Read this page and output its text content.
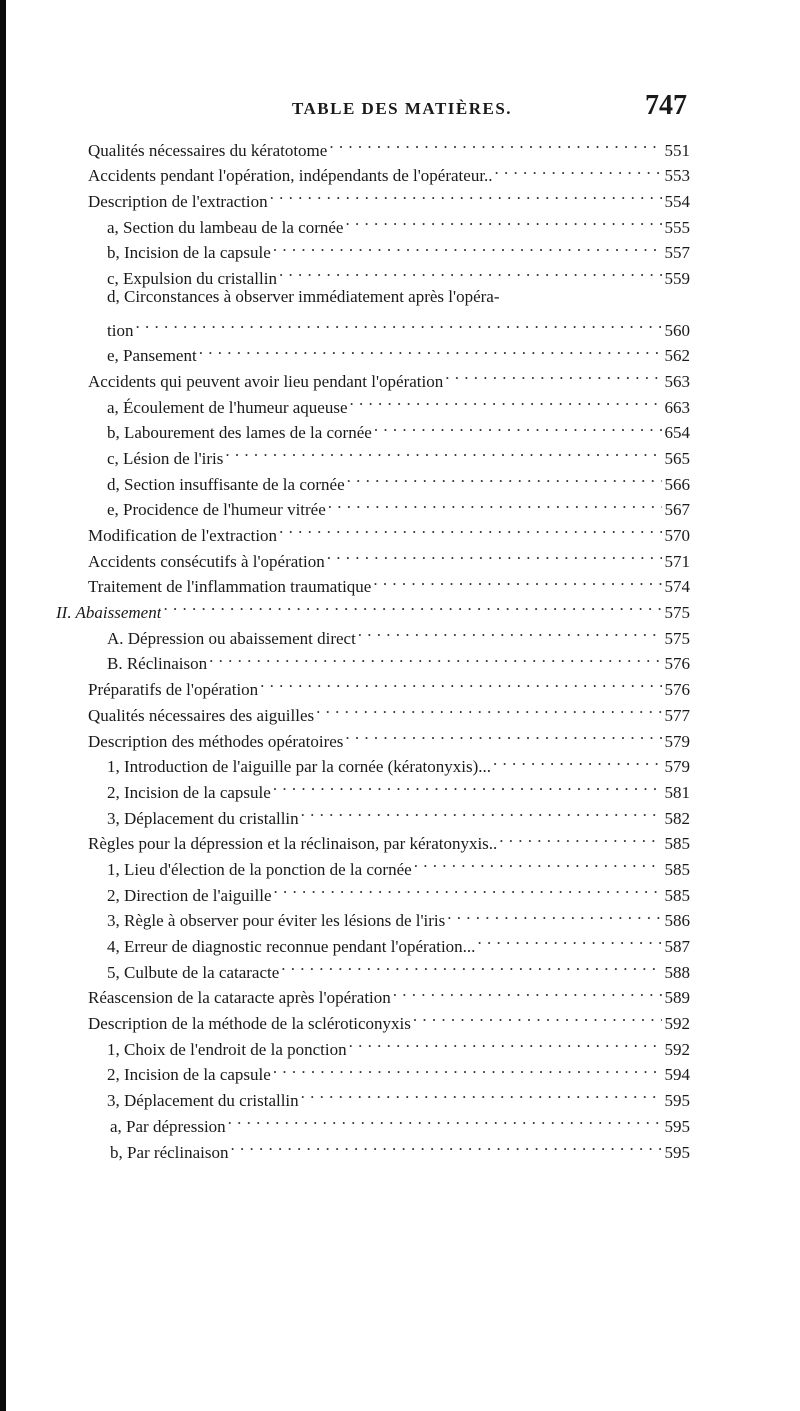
TABLE DES MATIÈRES.	747
Qualités nécessaires du kératotome . . .	551
Accidents pendant l'opération, indépendants de l'opérateur.. . . .	553
Description de l'extraction . . .	554
a, Section du lambeau de la cornée . . .	555
b, Incision de la capsule . . .	557
c, Expulsion du cristallin . . .	559
d, Circonstances à observer immédiatement après l'opéra-
tion . . .	560
e, Pansement . . .	562
Accidents qui peuvent avoir lieu pendant l'opération . . .	563
a, Écoulement de l'humeur aqueuse . . .	663
b, Labourement des lames de la cornée . . .	654
c, Lésion de l'iris . . .	565
d, Section insuffisante de la cornée . . .	566
e, Procidence de l'humeur vitrée . . .	567
Modification de l'extraction . . .	570
Accidents consécutifs à l'opération . . .	571
Traitement de l'inflammation traumatique . . .	574
II. Abaissement . . .	575
A. Dépression ou abaissement direct . . .	575
B. Réclinaison . . .	576
Préparatifs de l'opération . . .	576
Qualités nécessaires des aiguilles . . .	577
Description des méthodes opératoires . . .	579
1, Introduction de l'aiguille par la cornée (kératonyxis)... . . .	579
2, Incision de la capsule . . .	581
3, Déplacement du cristallin . . .	582
Règles pour la dépression et la réclinaison, par kératonyxis.. . . .	585
1, Lieu d'élection de la ponction de la cornée . . .	585
2, Direction de l'aiguille . . .	585
3, Règle à observer pour éviter les lésions de l'iris . . .	586
4, Erreur de diagnostic reconnue pendant l'opération... . . .	587
5, Culbute de la cataracte . . .	588
Réascension de la cataracte après l'opération . . .	589
Description de la méthode de la scléroticonyxis . . .	592
1, Choix de l'endroit de la ponction . . .	592
2, Incision de la capsule . . .	594
3, Déplacement du cristallin . . .	595
a, Par dépression . . .	595
b, Par réclinaison . . .	595
